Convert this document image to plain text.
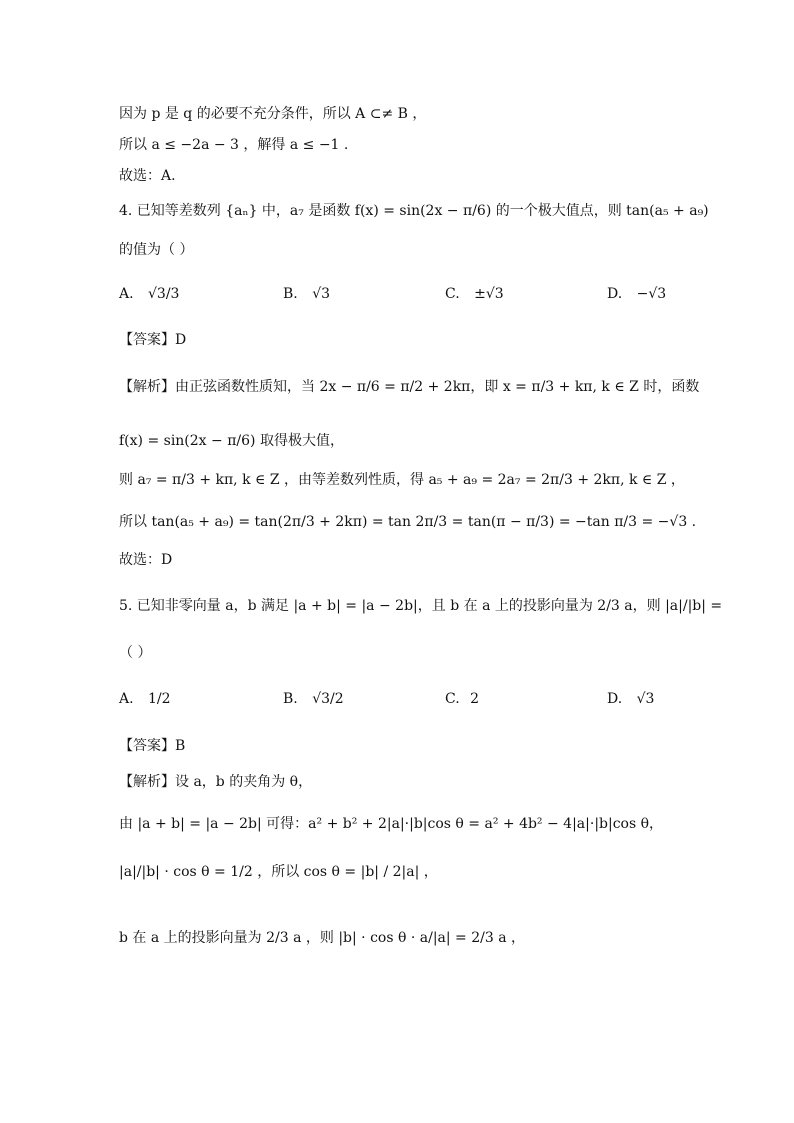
因为 p 是 q 的必要不充分条件，所以 A ⊂≠ B ，
所以 a ≤ −2a − 3 ，解得 a ≤ −1 .
故选：A.
4. 已知等差数列 {aₙ} 中，a₇ 是函数 f(x) = sin(2x − π/6) 的一个极大值点，则 tan(a₅ + a₉)
的值为（ ）
A. √3/3	B. √3	C. ±√3	D. −√3
【答案】D
【解析】由正弦函数性质知，当 2x − π/6 = π/2 + 2kπ，即 x = π/3 + kπ, k ∈ Z 时，函数
f(x) = sin(2x − π/6) 取得极大值，
则 a₇ = π/3 + kπ, k ∈ Z ，由等差数列性质，得 a₅ + a₉ = 2a₇ = 2π/3 + 2kπ, k ∈ Z ，
所以 tan(a₅ + a₉) = tan(2π/3 + 2kπ) = tan 2π/3 = tan(π − π/3) = −tan π/3 = −√3 .
故选：D
5. 已知非零向量 a，b 满足 |a + b| = |a − 2b|，且 b 在 a 上的投影向量为 2/3 a，则 |a|/|b| =
（ ）
A. 1/2	B. √3/2	C. 2	D. √3
【答案】B
【解析】设 a，b 的夹角为 θ，
由 |a + b| = |a − 2b| 可得：a² + b² + 2|a|·|b|cos θ = a² + 4b² − 4|a|·|b|cos θ，
|a|/|b| · cos θ = 1/2 ，所以 cos θ = |b| / 2|a| ，
b 在 a 上的投影向量为 2/3 a ，则 |b| · cos θ · a/|a| = 2/3 a ，
